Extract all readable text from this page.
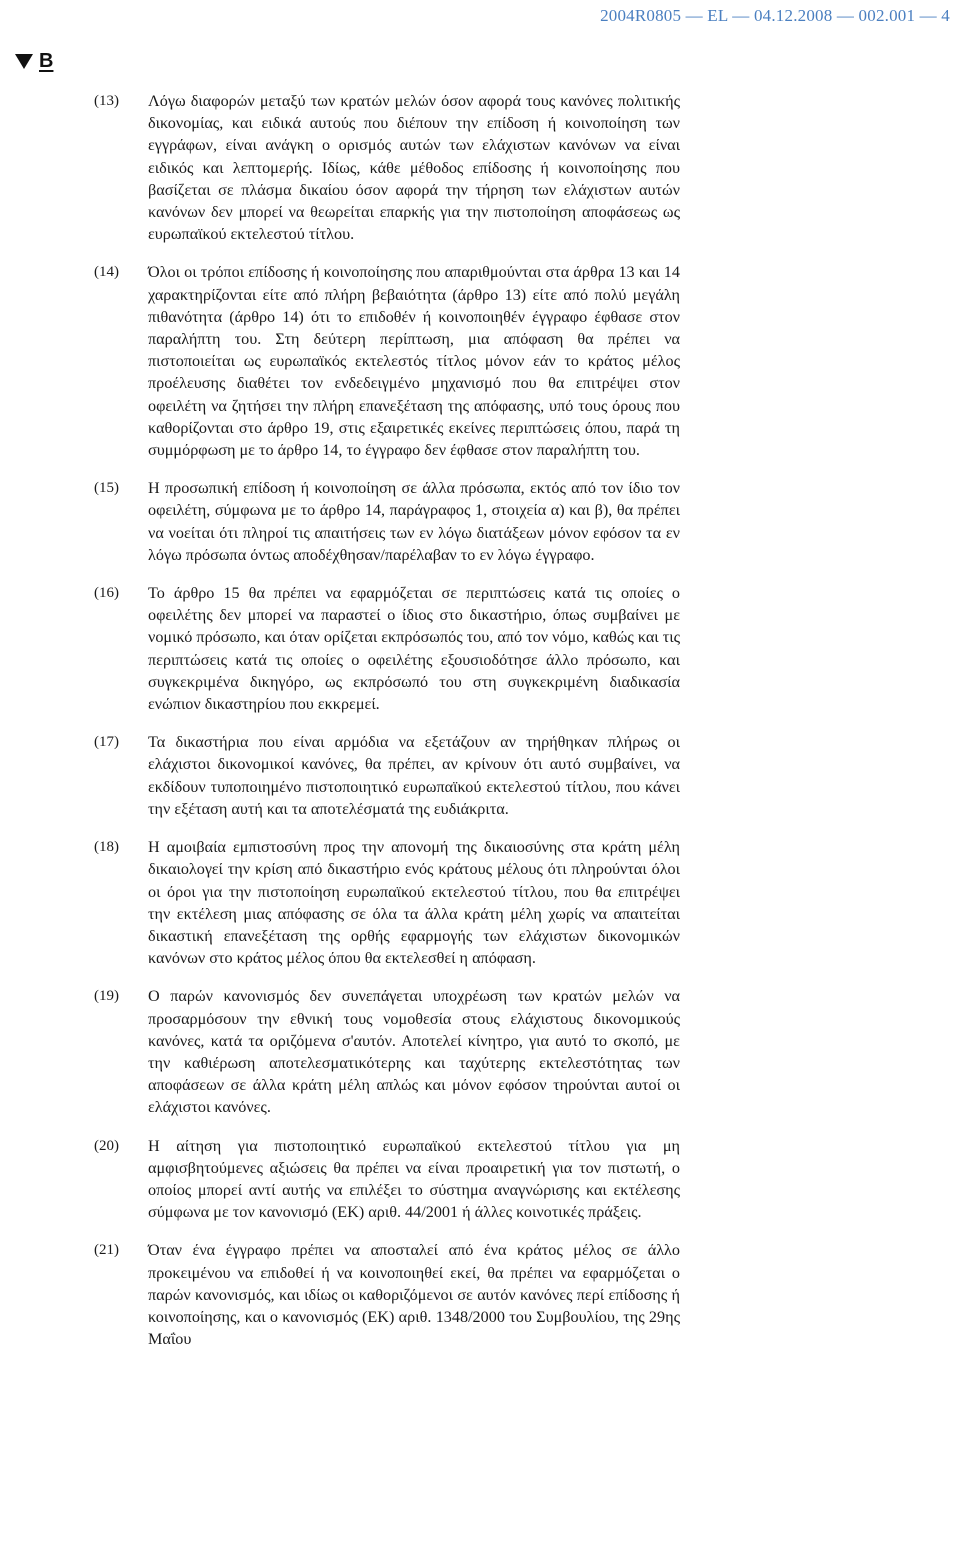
2004R0805 — EL — 04.12.2008 — 002.001 — 4
B
(13) Λόγω διαφορών μεταξύ των κρατών μελών όσον αφορά τους κανόνες πολιτικής δικονομίας, και ειδικά αυτούς που διέπουν την επίδοση ή κοινοποίηση των εγγράφων, είναι ανάγκη ο ορισμός αυτών των ελάχιστων κανόνων να είναι ειδικός και λεπτομερής. Ιδίως, κάθε μέθοδος επίδοσης ή κοινοποίησης που βασίζεται σε πλάσμα δικαίου όσον αφορά την τήρηση των ελάχιστων αυτών κανόνων δεν μπορεί να θεωρείται επαρκής για την πιστοποίηση αποφάσεως ως ευρωπαϊκού εκτελεστού τίτλου.
(14) Όλοι οι τρόποι επίδοσης ή κοινοποίησης που απαριθμούνται στα άρθρα 13 και 14 χαρακτηρίζονται είτε από πλήρη βεβαιότητα (άρθρο 13) είτε από πολύ μεγάλη πιθανότητα (άρθρο 14) ότι το επιδοθέν ή κοινοποιηθέν έγγραφο έφθασε στον παραλήπτη του. Στη δεύτερη περίπτωση, μια απόφαση θα πρέπει να πιστοποιείται ως ευρωπαϊκός εκτελεστός τίτλος μόνον εάν το κράτος μέλος προέλευσης διαθέτει τον ενδεδειγμένο μηχανισμό που θα επιτρέψει στον οφειλέτη να ζητήσει την πλήρη επανεξέταση της απόφασης, υπό τους όρους που καθορίζονται στο άρθρο 19, στις εξαιρετικές εκείνες περιπτώσεις όπου, παρά τη συμμόρφωση με το άρθρο 14, το έγγραφο δεν έφθασε στον παραλήπτη του.
(15) Η προσωπική επίδοση ή κοινοποίηση σε άλλα πρόσωπα, εκτός από τον ίδιο τον οφειλέτη, σύμφωνα με το άρθρο 14, παράγραφος 1, στοιχεία α) και β), θα πρέπει να νοείται ότι πληροί τις απαιτήσεις των εν λόγω διατάξεων μόνον εφόσον τα εν λόγω πρόσωπα όντως αποδέχθησαν/παρέλαβαν το εν λόγω έγγραφο.
(16) Το άρθρο 15 θα πρέπει να εφαρμόζεται σε περιπτώσεις κατά τις οποίες ο οφειλέτης δεν μπορεί να παραστεί ο ίδιος στο δικαστήριο, όπως συμβαίνει με νομικό πρόσωπο, και όταν ορίζεται εκπρόσωπός του, από τον νόμο, καθώς και τις περιπτώσεις κατά τις οποίες ο οφειλέτης εξουσιοδότησε άλλο πρόσωπο, και συγκεκριμένα δικηγόρο, ως εκπρόσωπό του στη συγκεκριμένη διαδικασία ενώπιον δικαστηρίου που εκκρεμεί.
(17) Τα δικαστήρια που είναι αρμόδια να εξετάζουν αν τηρήθηκαν πλήρως οι ελάχιστοι δικονομικοί κανόνες, θα πρέπει, αν κρίνουν ότι αυτό συμβαίνει, να εκδίδουν τυποποιημένο πιστοποιητικό ευρωπαϊκού εκτελεστού τίτλου, που κάνει την εξέταση αυτή και τα αποτελέσματά της ευδιάκριτα.
(18) Η αμοιβαία εμπιστοσύνη προς την απονομή της δικαιοσύνης στα κράτη μέλη δικαιολογεί την κρίση από δικαστήριο ενός κράτους μέλους ότι πληρούνται όλοι οι όροι για την πιστοποίηση ευρωπαϊκού εκτελεστού τίτλου, που θα επιτρέψει την εκτέλεση μιας απόφασης σε όλα τα άλλα κράτη μέλη χωρίς να απαιτείται δικαστική επανεξέταση της ορθής εφαρμογής των ελάχιστων δικονομικών κανόνων στο κράτος μέλος όπου θα εκτελεσθεί η απόφαση.
(19) Ο παρών κανονισμός δεν συνεπάγεται υποχρέωση των κρατών μελών να προσαρμόσουν την εθνική τους νομοθεσία στους ελάχιστους δικονομικούς κανόνες, κατά τα οριζόμενα σ'αυτόν. Αποτελεί κίνητρο, για αυτό το σκοπό, με την καθιέρωση αποτελεσματικότερης και ταχύτερης εκτελεστότητας των αποφάσεων σε άλλα κράτη μέλη απλώς και μόνον εφόσον τηρούνται αυτοί οι ελάχιστοι κανόνες.
(20) Η αίτηση για πιστοποιητικό ευρωπαϊκού εκτελεστού τίτλου για μη αμφισβητούμενες αξιώσεις θα πρέπει να είναι προαιρετική για τον πιστωτή, ο οποίος μπορεί αντί αυτής να επιλέξει το σύστημα αναγνώρισης και εκτέλεσης σύμφωνα με τον κανονισμό (ΕΚ) αριθ. 44/2001 ή άλλες κοινοτικές πράξεις.
(21) Όταν ένα έγγραφο πρέπει να αποσταλεί από ένα κράτος μέλος σε άλλο προκειμένου να επιδοθεί ή να κοινοποιηθεί εκεί, θα πρέπει να εφαρμόζεται ο παρών κανονισμός, και ιδίως οι καθοριζόμενοι σε αυτόν κανόνες περί επίδοσης ή κοινοποίησης, και ο κανονισμός (ΕΚ) αριθ. 1348/2000 του Συμβουλίου, της 29ης Μαΐου
